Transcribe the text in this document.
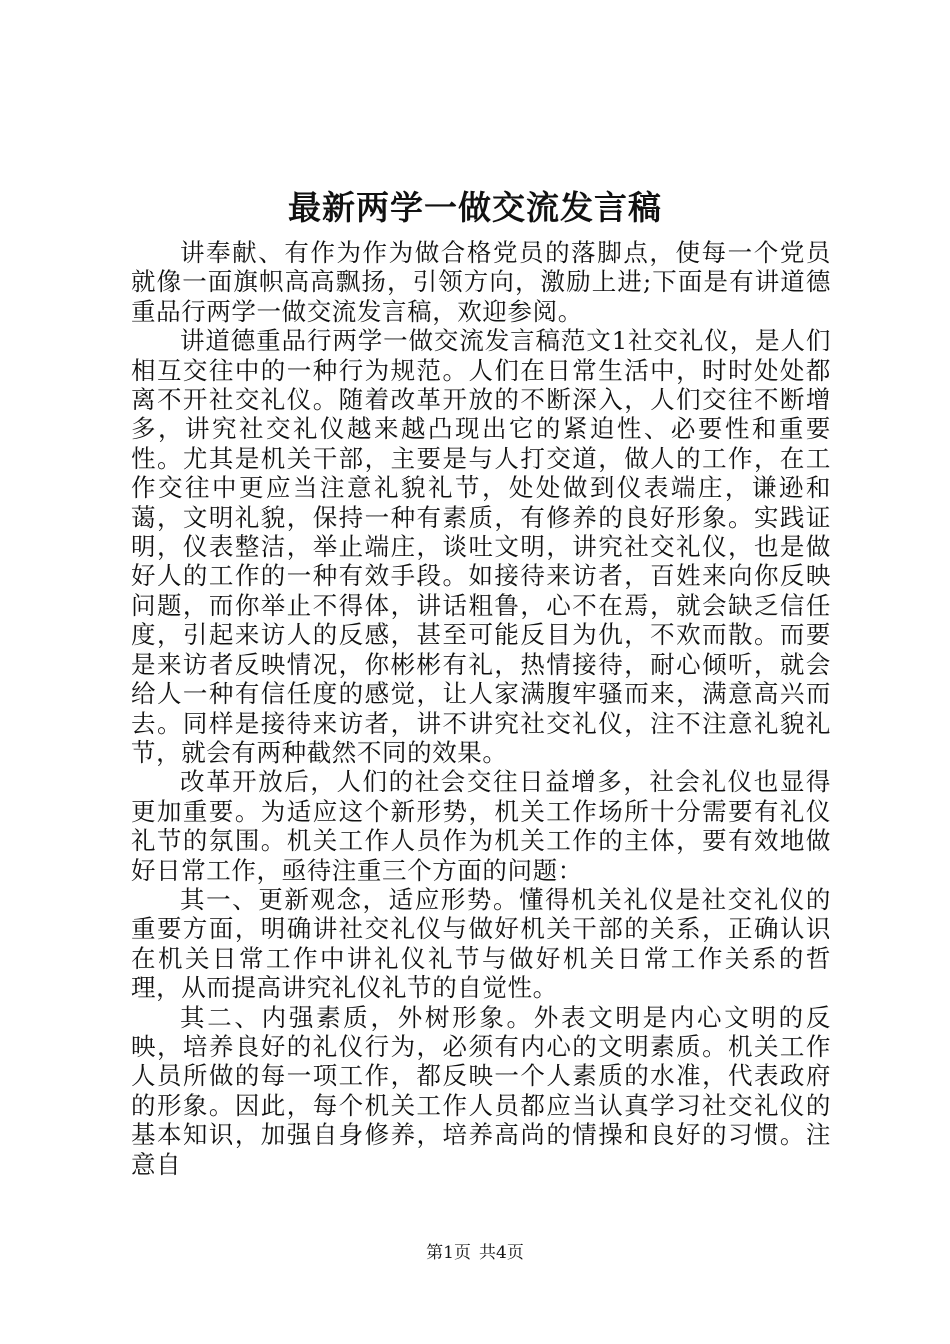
最新两学一做交流发言稿

讲奉献、有作为作为做合格党员的落脚点，使每一个党员就像一面旗帜高高飘扬，引领方向，激励上进;下面是有讲道德重品行两学一做交流发言稿，欢迎参阅。

讲道德重品行两学一做交流发言稿范文1社交礼仪，是人们相互交往中的一种行为规范。人们在日常生活中，时时处处都离不开社交礼仪。随着改革开放的不断深入，人们交往不断增多，讲究社交礼仪越来越凸现出它的紧迫性、必要性和重要性。尤其是机关干部，主要是与人打交道，做人的工作，在工作交往中更应当注意礼貌礼节，处处做到仪表端庄，谦逊和蔼，文明礼貌，保持一种有素质，有修养的良好形象。实践证明，仪表整洁，举止端庄，谈吐文明，讲究社交礼仪，也是做好人的工作的一种有效手段。如接待来访者，百姓来向你反映问题，而你举止不得体，讲话粗鲁，心不在焉，就会缺乏信任度，引起来访人的反感，甚至可能反目为仇，不欢而散。而要是来访者反映情况，你彬彬有礼，热情接待，耐心倾听，就会给人一种有信任度的感觉，让人家满腹牢骚而来，满意高兴而去。同样是接待来访者，讲不讲究社交礼仪，注不注意礼貌礼节，就会有两种截然不同的效果。

改革开放后，人们的社会交往日益增多，社会礼仪也显得更加重要。为适应这个新形势，机关工作场所十分需要有礼仪礼节的氛围。机关工作人员作为机关工作的主体，要有效地做好日常工作，亟待注重三个方面的问题：

其一、更新观念，适应形势。懂得机关礼仪是社交礼仪的重要方面，明确讲社交礼仪与做好机关干部的关系，正确认识在机关日常工作中讲礼仪礼节与做好机关日常工作关系的哲理，从而提高讲究礼仪礼节的自觉性。

其二、内强素质，外树形象。外表文明是内心文明的反映，培养良好的礼仪行为，必须有内心的文明素质。机关工作人员所做的每一项工作，都反映一个人素质的水准，代表政府的形象。因此，每个机关工作人员都应当认真学习社交礼仪的基本知识，加强自身修养，培养高尚的情操和良好的习惯。注意自

第1页 共4页
